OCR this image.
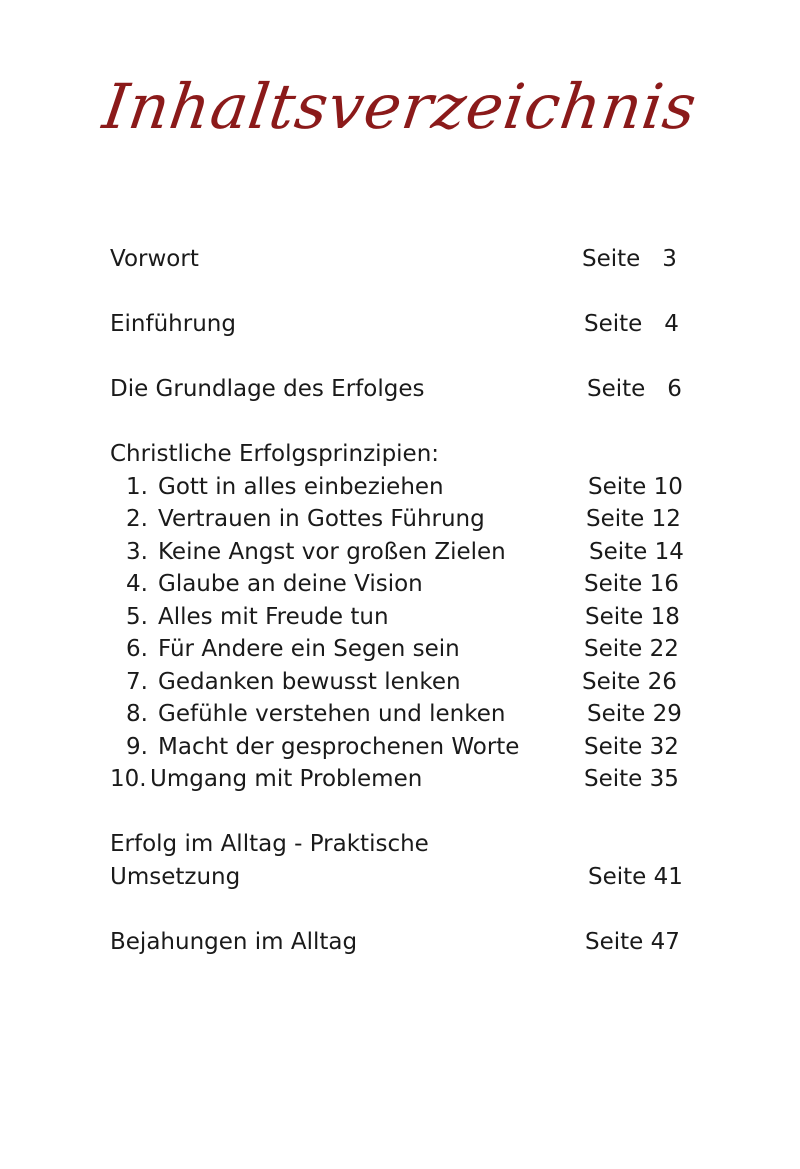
Inhaltsverzeichnis
Vorwort	Seite   3
Einführung	Seite   4
Die Grundlage des Erfolges	Seite   6
Christliche Erfolgsprinzipien:
1. Gott in alles einbeziehen	Seite 10
2. Vertrauen in Gottes Führung	Seite 12
3. Keine Angst vor großen Zielen	Seite 14
4. Glaube an deine Vision	Seite 16
5. Alles mit Freude tun	Seite 18
6. Für Andere ein Segen sein	Seite 22
7. Gedanken bewusst lenken	Seite 26
8. Gefühle verstehen und lenken	Seite 29
9. Macht der gesprochenen Worte	Seite 32
10. Umgang mit Problemen	Seite 35
Erfolg im Alltag - Praktische
Umsetzung	Seite 41
Bejahungen im Alltag	Seite 47
